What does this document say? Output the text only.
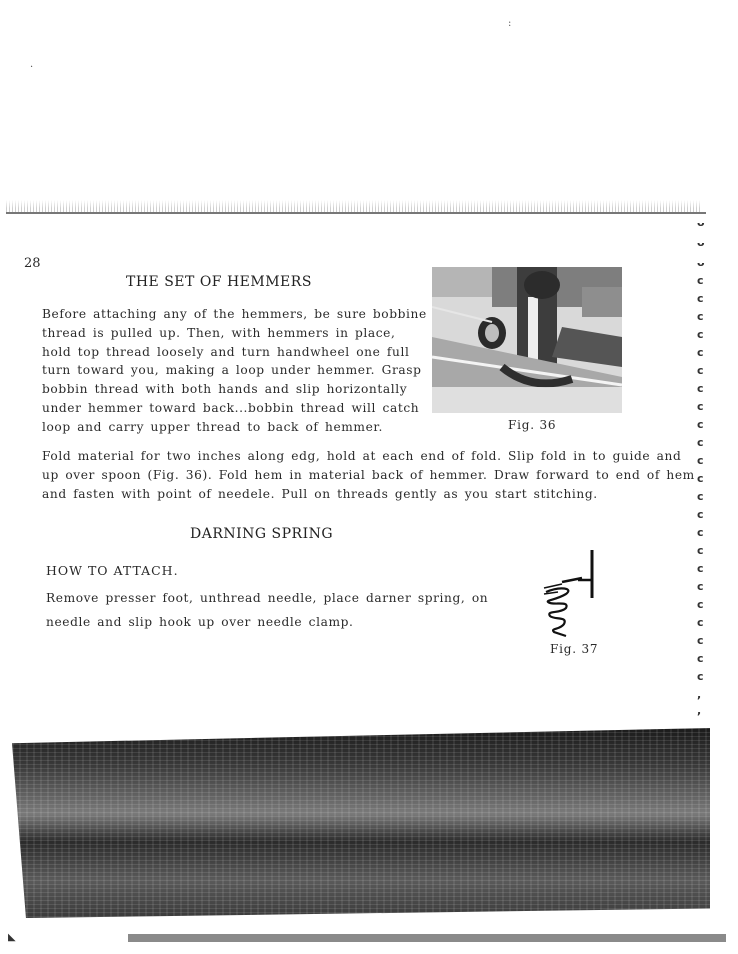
:
·
28
THE SET OF HEMMERS
Before attaching any of the hemmers, be sure bobbine
thread is pulled up. Then, with hemmers in place,
hold top thread loosely and turn handwheel one full
turn toward you, making a loop under hemmer. Grasp
bobbin thread with both hands and slip horizontally
under hemmer toward back...bobbin thread will catch
loop and carry upper thread to back of hemmer.	Fig. 36
Fold material for two inches along edg, hold at each end of fold. Slip fold in to guide and
up over spoon (Fig. 36). Fold hem in material back of hemmer. Draw forward to end of hem
and fasten with point of needele. Pull on threads gently as you start stitching.
DARNING SPRING
HOW TO ATTACH.
Remove presser foot, unthread needle, place darner spring, on
needle and slip hook up over needle clamp.
Fig. 37
ᴗ
ᴗ
ᴗ
c
c
c
c
c
c
c
c
c
c
c
c
c
c
c
c
c
c
c
c
c
c
c
,
,
◣
